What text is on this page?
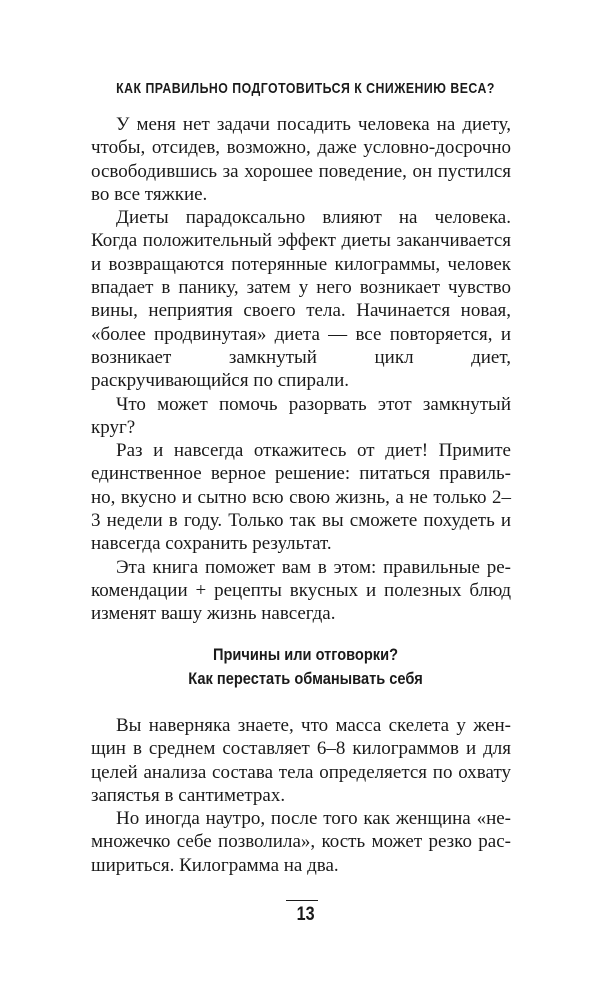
КАК ПРАВИЛЬНО ПОДГОТОВИТЬСЯ К СНИЖЕНИЮ ВЕСА?

У меня нет задачи посадить человека на диету, чтобы, отсидев, возможно, даже условно-досрочно освободившись за хорошее поведение, он пустился во все тяжкие.

Диеты парадоксально влияют на человека. Когда положительный эффект диеты заканчивается и возвращаются потерянные килограммы, человек впадает в панику, затем у него возникает чувство вины, неприятия своего тела. Начинается новая, «более продвинутая» диета — все повторяется, и возникает замкнутый цикл диет, раскручивающийся по спирали.

Что может помочь разорвать этот замкнутый круг?

Раз и навсегда откажитесь от диет! Примите единственное верное решение: питаться правильно, вкусно и сытно всю свою жизнь, а не только 2–3 недели в году. Только так вы сможете похудеть и навсегда сохранить результат.

Эта книга поможет вам в этом: правильные рекомендации + рецепты вкусных и полезных блюд изменят вашу жизнь навсегда.

Причины или отговорки?
Как перестать обманывать себя

Вы наверняка знаете, что масса скелета у женщин в среднем составляет 6–8 килограммов и для целей анализа состава тела определяется по охвату запястья в сантиметрах.

Но иногда наутро, после того как женщина «немножечко себе позволила», кость может резко расшириться. Килограмма на два.

13
